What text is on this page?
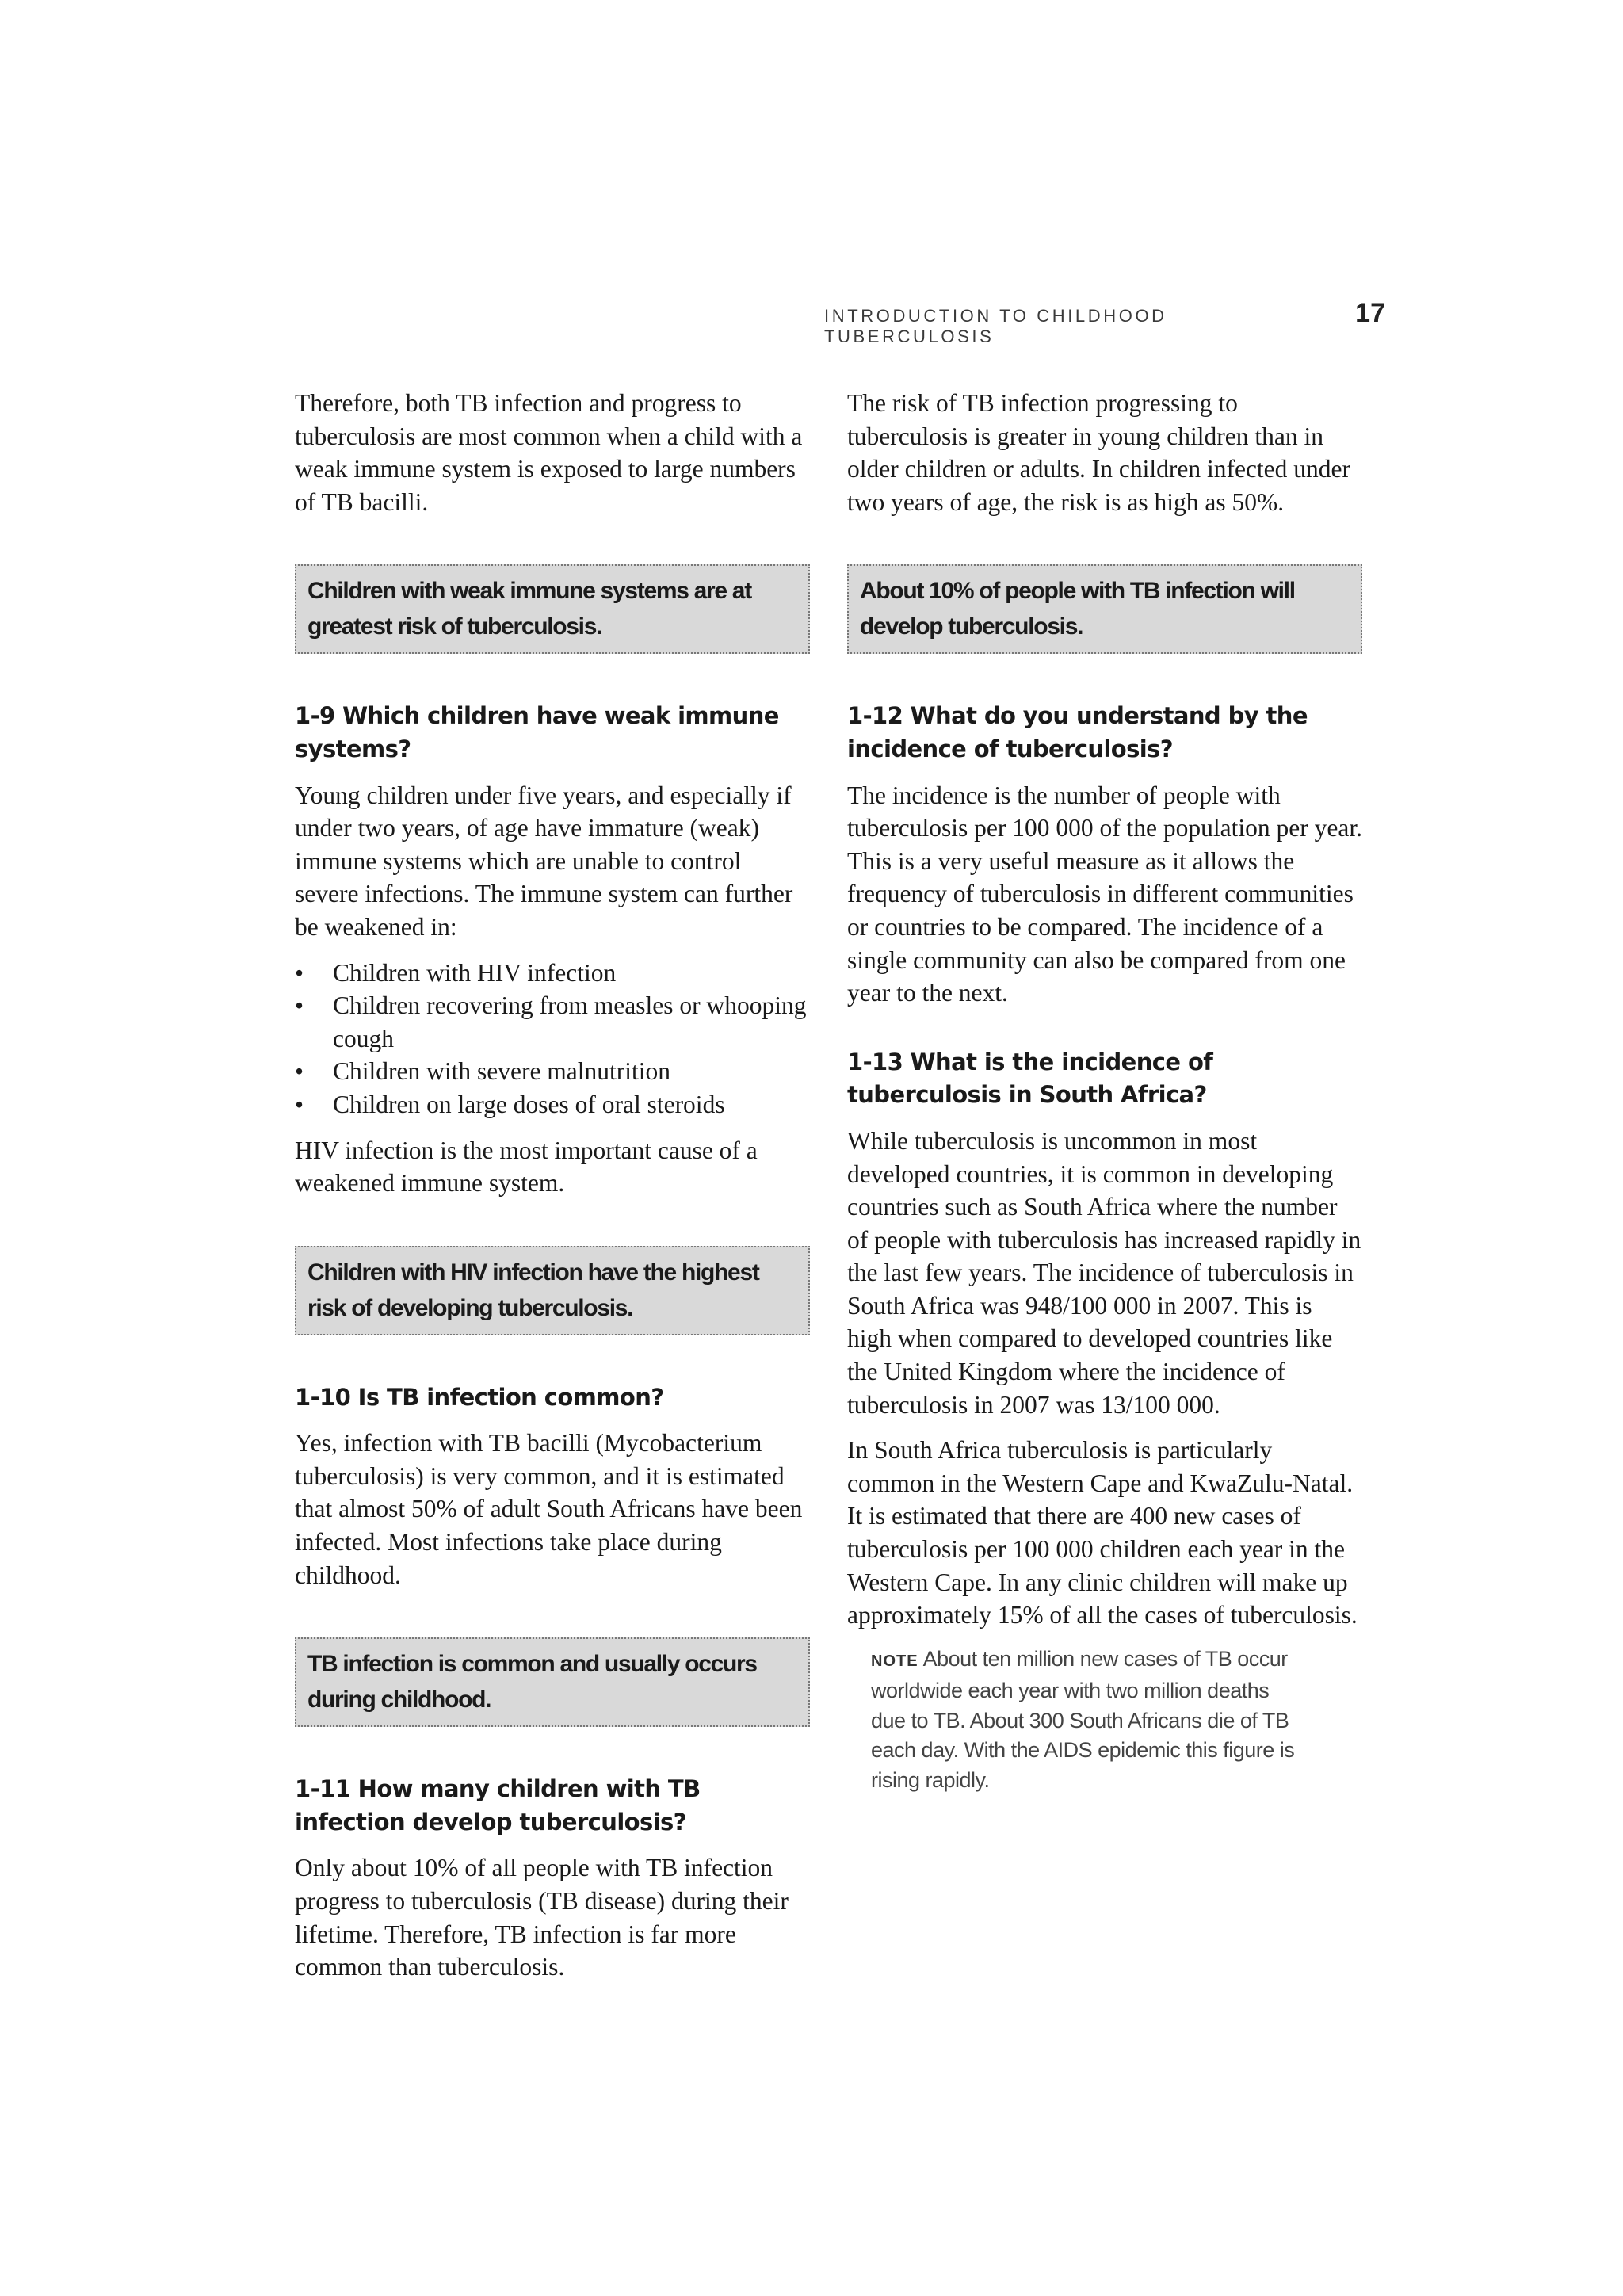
INTRODUCTION TO CHILDHOOD TUBERCULOSIS
17

Therefore, both TB infection and progress to tuberculosis are most common when a child with a weak immune system is exposed to large numbers of TB bacilli.

Children with weak immune systems are at greatest risk of tuberculosis.

1-9 Which children have weak immune systems?

Young children under five years, and especially if under two years, of age have immature (weak) immune systems which are unable to control severe infections. The immune system can further be weakened in:

• Children with HIV infection
• Children recovering from measles or whooping cough
• Children with severe malnutrition
• Children on large doses of oral steroids

HIV infection is the most important cause of a weakened immune system.

Children with HIV infection have the highest risk of developing tuberculosis.

1-10 Is TB infection common?

Yes, infection with TB bacilli (Mycobacterium tuberculosis) is very common, and it is estimated that almost 50% of adult South Africans have been infected. Most infections take place during childhood.

TB infection is common and usually occurs during childhood.

1-11 How many children with TB infection develop tuberculosis?

Only about 10% of all people with TB infection progress to tuberculosis (TB disease) during their lifetime. Therefore, TB infection is far more common than tuberculosis.

The risk of TB infection progressing to tuberculosis is greater in young children than in older children or adults. In children infected under two years of age, the risk is as high as 50%.

About 10% of people with TB infection will develop tuberculosis.

1-12 What do you understand by the incidence of tuberculosis?

The incidence is the number of people with tuberculosis per 100 000 of the population per year. This is a very useful measure as it allows the frequency of tuberculosis in different communities or countries to be compared. The incidence of a single community can also be compared from one year to the next.

1-13 What is the incidence of tuberculosis in South Africa?

While tuberculosis is uncommon in most developed countries, it is common in developing countries such as South Africa where the number of people with tuberculosis has increased rapidly in the last few years. The incidence of tuberculosis in South Africa was 948/100 000 in 2007. This is high when compared to developed countries like the United Kingdom where the incidence of tuberculosis in 2007 was 13/100 000.

In South Africa tuberculosis is particularly common in the Western Cape and KwaZulu-Natal. It is estimated that there are 400 new cases of tuberculosis per 100 000 children each year in the Western Cape. In any clinic children will make up approximately 15% of all the cases of tuberculosis.

NOTE About ten million new cases of TB occur worldwide each year with two million deaths due to TB. About 300 South Africans die of TB each day. With the AIDS epidemic this figure is rising rapidly.
